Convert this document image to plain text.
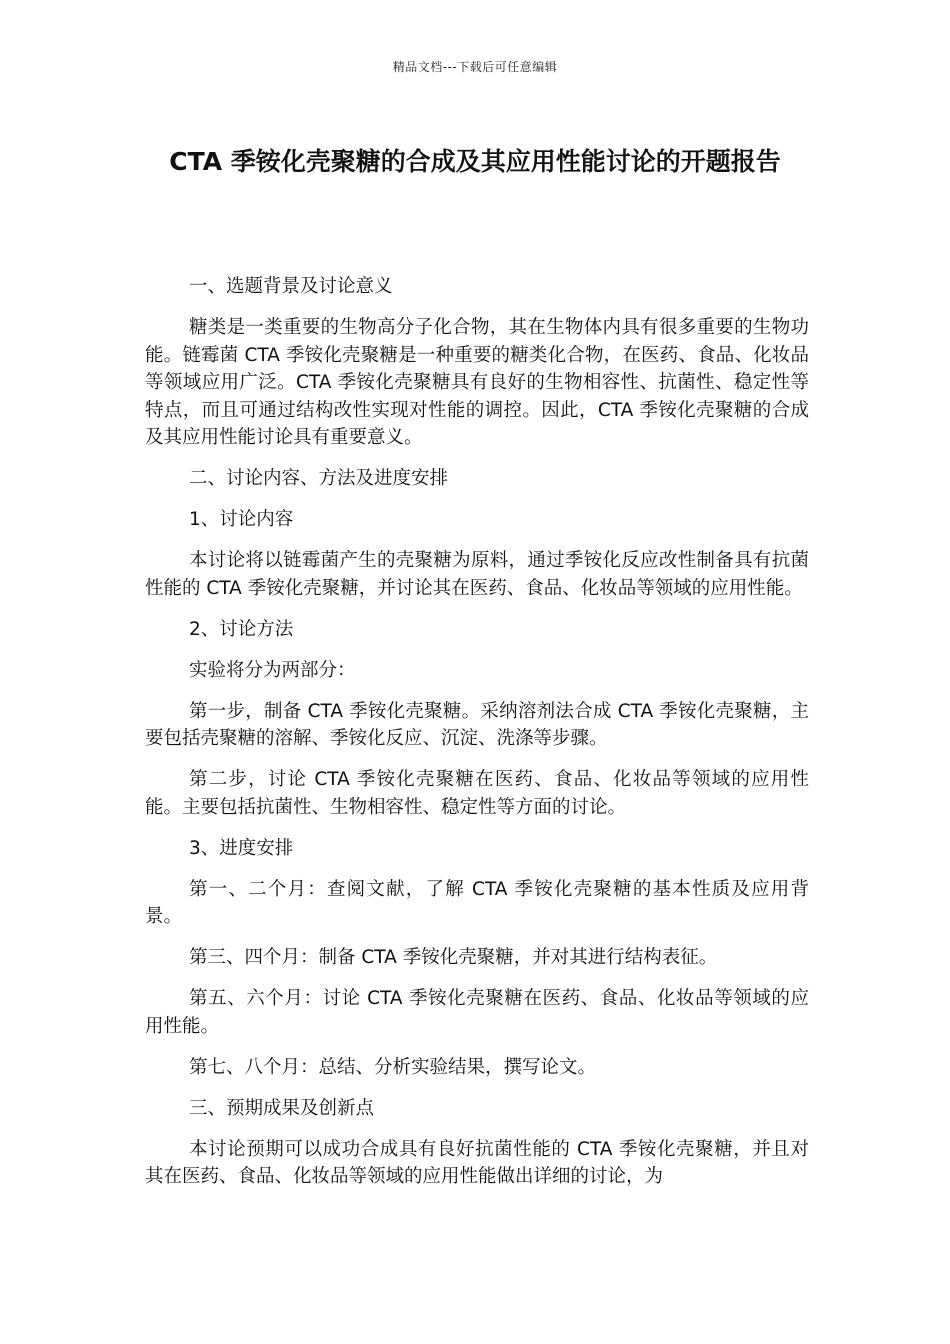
精品文档---下载后可任意编辑
CTA 季铵化壳聚糖的合成及其应用性能讨论的开题报告

一、选题背景及讨论意义

糖类是一类重要的生物高分子化合物，其在生物体内具有很多重要的生物功能。链霉菌 CTA 季铵化壳聚糖是一种重要的糖类化合物，在医药、食品、化妆品等领域应用广泛。CTA 季铵化壳聚糖具有良好的生物相容性、抗菌性、稳定性等特点，而且可通过结构改性实现对性能的调控。因此，CTA 季铵化壳聚糖的合成及其应用性能讨论具有重要意义。

二、讨论内容、方法及进度安排

1、讨论内容

本讨论将以链霉菌产生的壳聚糖为原料，通过季铵化反应改性制备具有抗菌性能的 CTA 季铵化壳聚糖，并讨论其在医药、食品、化妆品等领域的应用性能。

2、讨论方法

实验将分为两部分：

第一步，制备 CTA 季铵化壳聚糖。采纳溶剂法合成 CTA 季铵化壳聚糖，主要包括壳聚糖的溶解、季铵化反应、沉淀、洗涤等步骤。

第二步，讨论 CTA 季铵化壳聚糖在医药、食品、化妆品等领域的应用性能。主要包括抗菌性、生物相容性、稳定性等方面的讨论。

3、进度安排

第一、二个月：查阅文献，了解 CTA 季铵化壳聚糖的基本性质及应用背景。

第三、四个月：制备 CTA 季铵化壳聚糖，并对其进行结构表征。

第五、六个月：讨论 CTA 季铵化壳聚糖在医药、食品、化妆品等领域的应用性能。

第七、八个月：总结、分析实验结果，撰写论文。

三、预期成果及创新点

本讨论预期可以成功合成具有良好抗菌性能的 CTA 季铵化壳聚糖，并且对其在医药、食品、化妆品等领域的应用性能做出详细的讨论，为
